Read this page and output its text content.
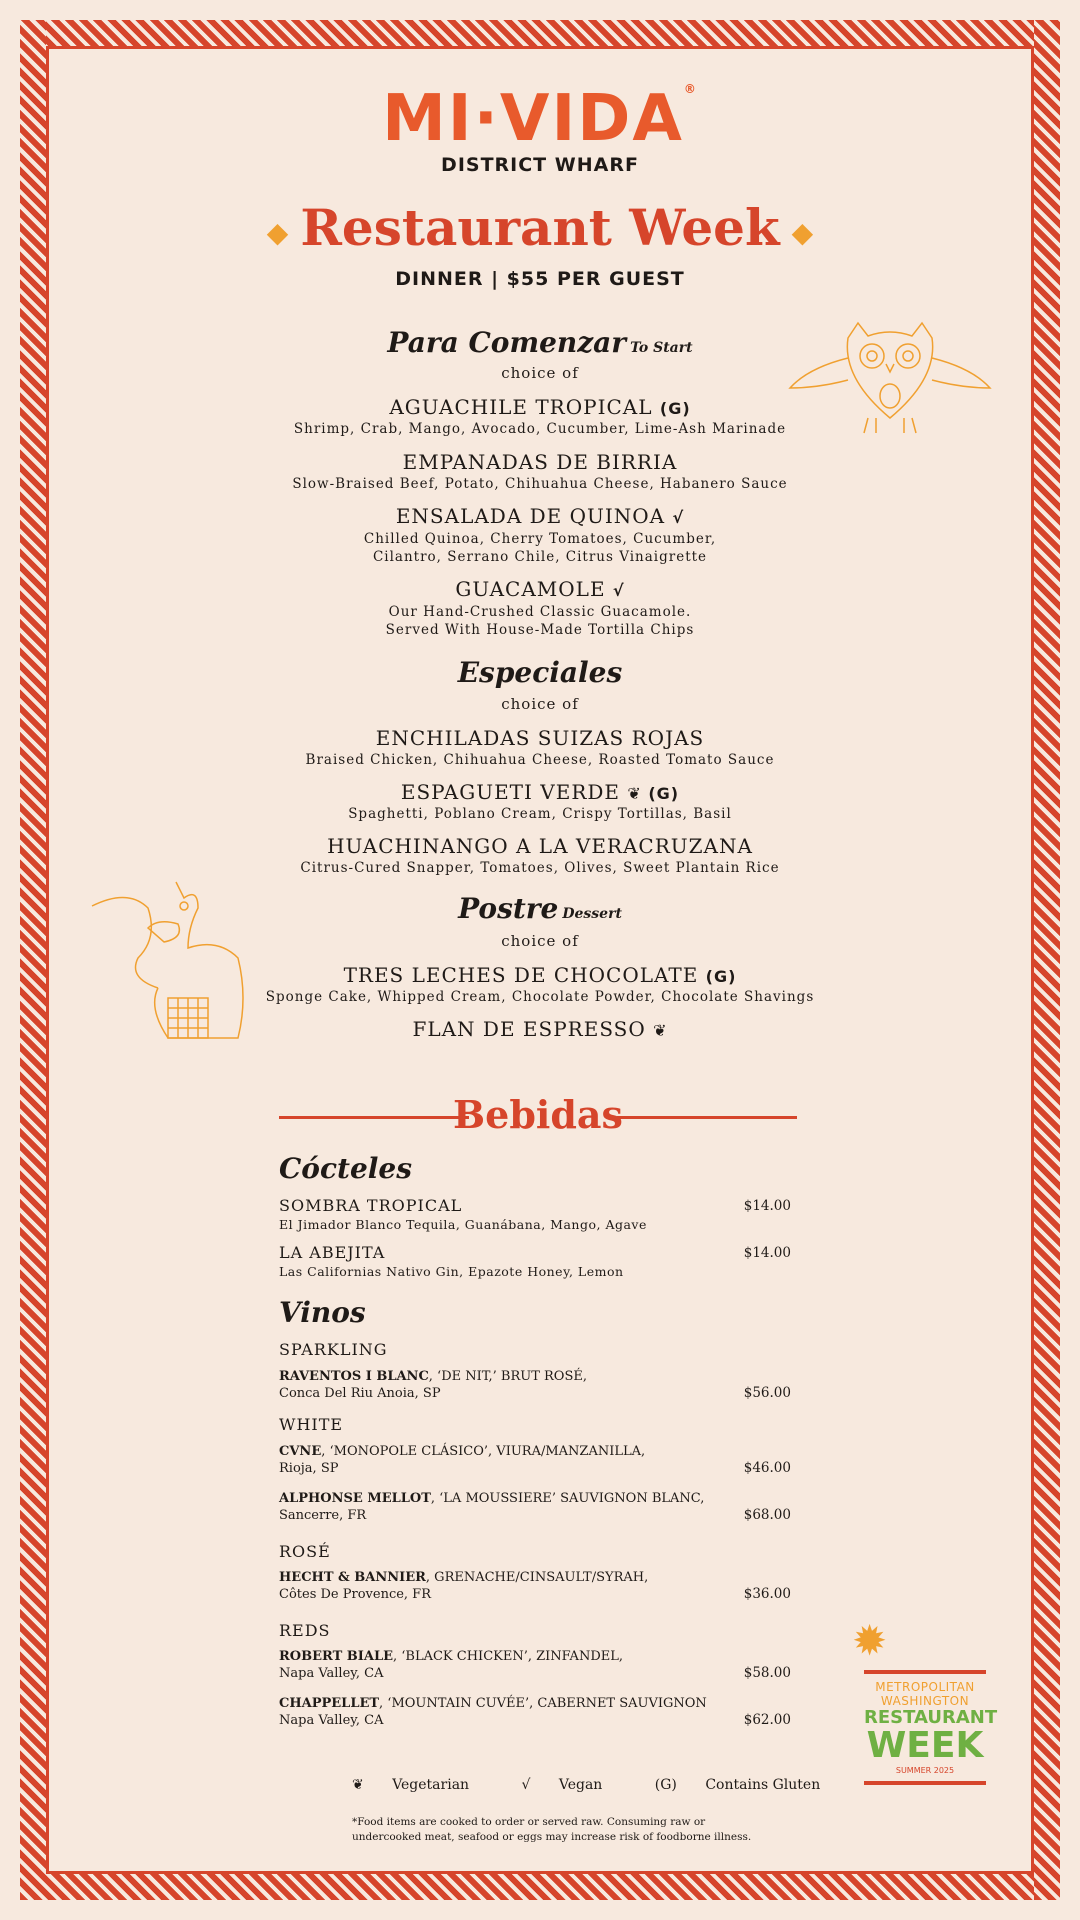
MI·VIDA®
DISTRICT WHARF
◆ Restaurant Week ◆
DINNER | $55 PER GUEST
Para Comenzar To Start
choice of
AGUACHILE TROPICAL (G)
Shrimp, Crab, Mango, Avocado, Cucumber, Lime-Ash Marinade
EMPANADAS DE BIRRIA
Slow-Braised Beef, Potato, Chihuahua Cheese, Habanero Sauce
ENSALADA DE QUINOA √
Chilled Quinoa, Cherry Tomatoes, Cucumber,
Cilantro, Serrano Chile, Citrus Vinaigrette
GUACAMOLE √
Our Hand-Crushed Classic Guacamole.
Served With House-Made Tortilla Chips
Especiales
choice of
ENCHILADAS SUIZAS ROJAS
Braised Chicken, Chihuahua Cheese, Roasted Tomato Sauce
ESPAGUETI VERDE ❦ (G)
Spaghetti, Poblano Cream, Crispy Tortillas, Basil
HUACHINANGO A LA VERACRUZANA
Citrus-Cured Snapper, Tomatoes, Olives, Sweet Plantain Rice
Postre Dessert
choice of
TRES LECHES DE CHOCOLATE (G)
Sponge Cake, Whipped Cream, Chocolate Powder, Chocolate Shavings
FLAN DE ESPRESSO ❦
Bebidas
Cócteles
SOMBRA TROPICAL
El Jimador Blanco Tequila, Guanábana, Mango, Agave
$14.00
LA ABEJITA
Las Californias Nativo Gin, Epazote Honey, Lemon
$14.00
Vinos
SPARKLING
RAVENTOS I BLANC, ‘DE NIT,’ BRUT ROSÉ,
Conca Del Riu Anoia, SP	$56.00
WHITE
CVNE, ‘MONOPOLE CLÁSICO’, VIURA/MANZANILLA,
Rioja, SP	$46.00
ALPHONSE MELLOT, ‘LA MOUSSIERE’ SAUVIGNON BLANC,
Sancerre, FR	$68.00
ROSÉ
HECHT & BANNIER, GRENACHE/CINSAULT/SYRAH,
Côtes De Provence, FR	$36.00
REDS
ROBERT BIALE, ‘BLACK CHICKEN’, ZINFANDEL,
Napa Valley, CA	$58.00
CHAPPELLET, ‘MOUNTAIN CUVÉE’, CABERNET SAUVIGNON
Napa Valley, CA	$62.00
❦ Vegetarian	√ Vegan	(G) Contains Gluten
*Food items are cooked to order or served raw. Consuming raw or
undercooked meat, seafood or eggs may increase risk of foodborne illness.
✹
METROPOLITAN
WASHINGTON
RESTAURANT
WEEK
SUMMER 2025
